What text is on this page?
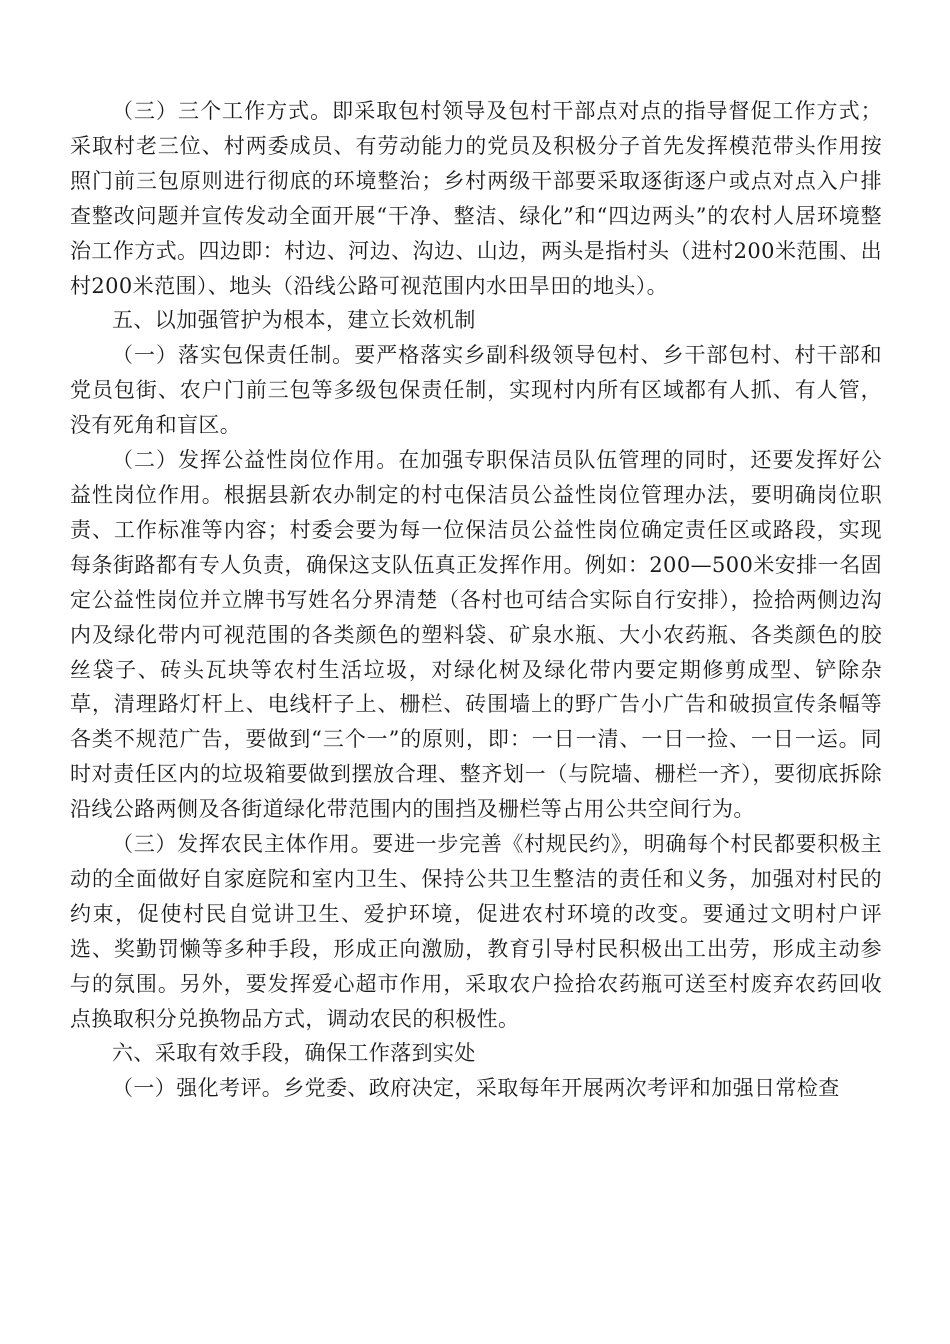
（三）三个工作方式。即采取包村领导及包村干部点对点的指导督促工作方式；采取村老三位、村两委成员、有劳动能力的党员及积极分子首先发挥模范带头作用按照门前三包原则进行彻底的环境整治；乡村两级干部要采取逐街逐户或点对点入户排查整改问题并宣传发动全面开展“干净、整洁、绿化”和“四边两头”的农村人居环境整治工作方式。四边即：村边、河边、沟边、山边，两头是指村头（进村200米范围、出村200米范围）、地头（沿线公路可视范围内水田旱田的地头）。

五、以加强管护为根本，建立长效机制

（一）落实包保责任制。要严格落实乡副科级领导包村、乡干部包村、村干部和党员包街、农户门前三包等多级包保责任制，实现村内所有区域都有人抓、有人管，没有死角和盲区。

（二）发挥公益性岗位作用。在加强专职保洁员队伍管理的同时，还要发挥好公益性岗位作用。根据县新农办制定的村屯保洁员公益性岗位管理办法，要明确岗位职责、工作标准等内容；村委会要为每一位保洁员公益性岗位确定责任区或路段，实现每条街路都有专人负责，确保这支队伍真正发挥作用。例如：200—500米安排一名固定公益性岗位并立牌书写姓名分界清楚（各村也可结合实际自行安排），捡拾两侧边沟内及绿化带内可视范围的各类颜色的塑料袋、矿泉水瓶、大小农药瓶、各类颜色的胶丝袋子、砖头瓦块等农村生活垃圾，对绿化树及绿化带内要定期修剪成型、铲除杂草，清理路灯杆上、电线杆子上、栅栏、砖围墙上的野广告小广告和破损宣传条幅等各类不规范广告，要做到“三个一”的原则，即：一日一清、一日一捡、一日一运。同时对责任区内的垃圾箱要做到摆放合理、整齐划一（与院墙、栅栏一齐），要彻底拆除沿线公路两侧及各街道绿化带范围内的围挡及栅栏等占用公共空间行为。

（三）发挥农民主体作用。要进一步完善《村规民约》，明确每个村民都要积极主动的全面做好自家庭院和室内卫生、保持公共卫生整洁的责任和义务，加强对村民的约束，促使村民自觉讲卫生、爱护环境，促进农村环境的改变。要通过文明村户评选、奖勤罚懒等多种手段，形成正向激励，教育引导村民积极出工出劳，形成主动参与的氛围。另外，要发挥爱心超市作用，采取农户捡拾农药瓶可送至村废弃农药回收点换取积分兑换物品方式，调动农民的积极性。

六、采取有效手段，确保工作落到实处

（一）强化考评。乡党委、政府决定，采取每年开展两次考评和加强日常检查
